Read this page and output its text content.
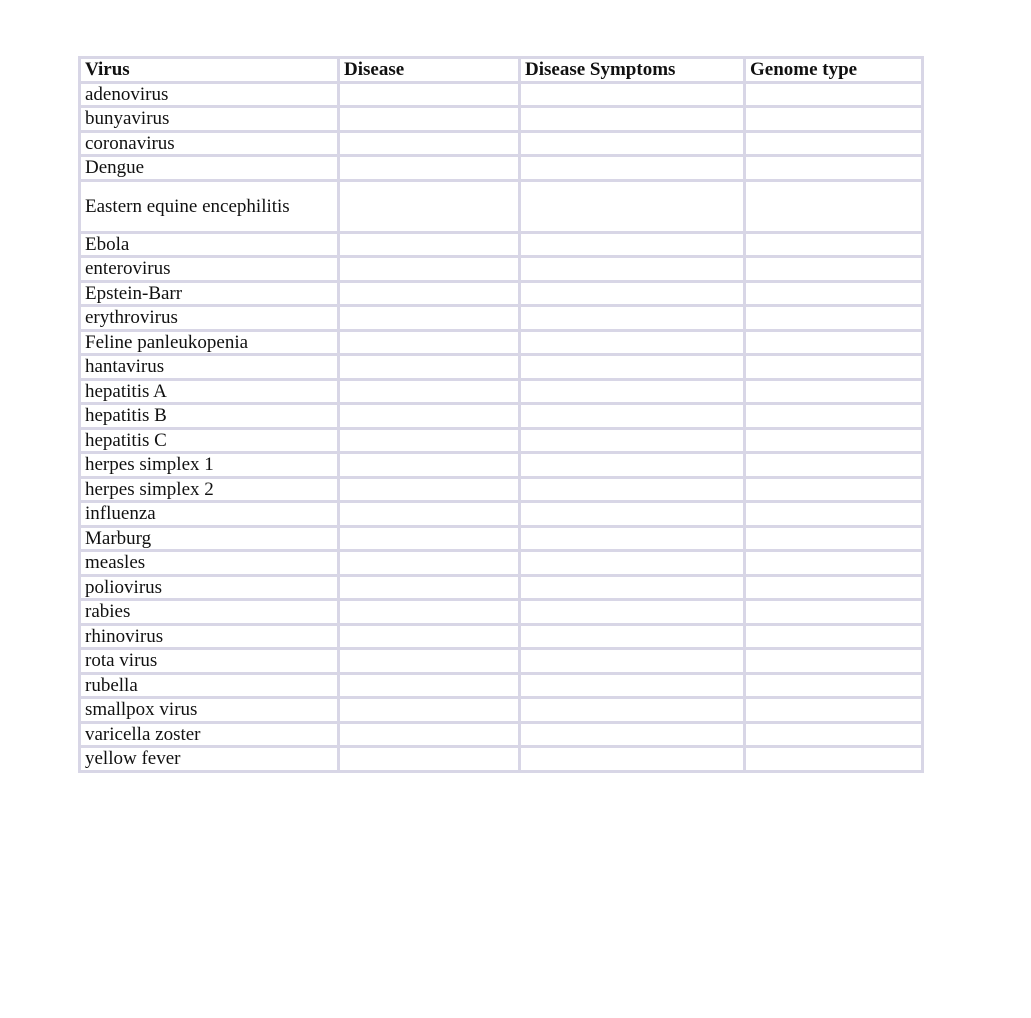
Virus	Disease	Disease Symptoms	Genome type
adenovirus			
bunyavirus			
coronavirus			
Dengue			
Eastern equine encephilitis			
Ebola			
enterovirus			
Epstein-Barr			
erythrovirus			
Feline panleukopenia			
hantavirus			
hepatitis A			
hepatitis B			
hepatitis C			
herpes simplex 1			
herpes simplex 2			
influenza			
Marburg			
measles			
poliovirus			
rabies			
rhinovirus			
rota virus			
rubella			
smallpox virus			
varicella zoster			
yellow fever			
